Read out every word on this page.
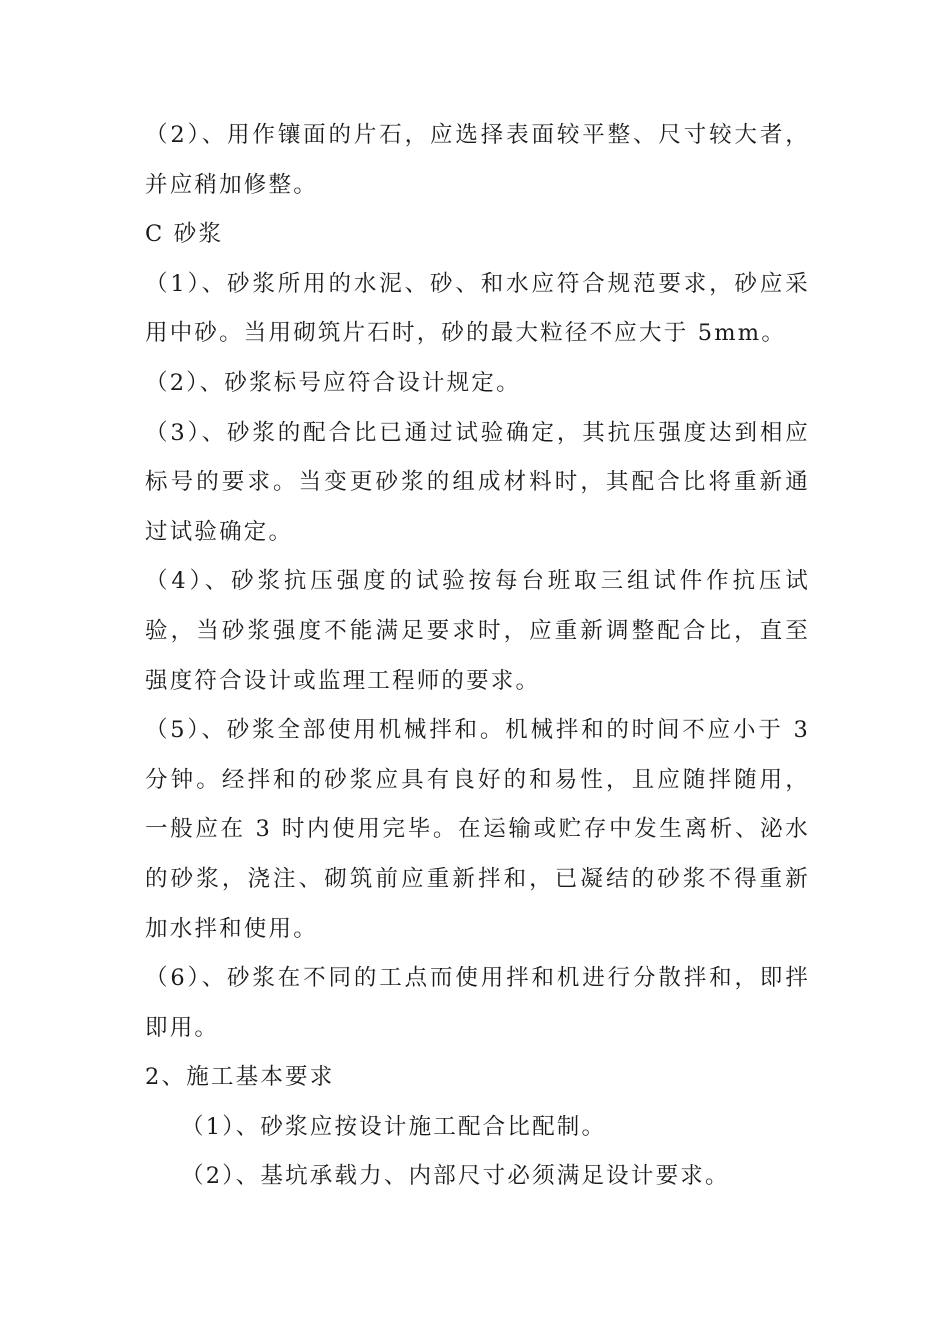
（2）、用作镶面的片石，应选择表面较平整、尺寸较大者，并应稍加修整。

C 砂浆

（1）、砂浆所用的水泥、砂、和水应符合规范要求，砂应采用中砂。当用砌筑片石时，砂的最大粒径不应大于 5mm。

（2）、砂浆标号应符合设计规定。

（3）、砂浆的配合比已通过试验确定，其抗压强度达到相应标号的要求。当变更砂浆的组成材料时，其配合比将重新通过试验确定。

（4）、砂浆抗压强度的试验按每台班取三组试件作抗压试验，当砂浆强度不能满足要求时，应重新调整配合比，直至强度符合设计或监理工程师的要求。

（5）、砂浆全部使用机械拌和。机械拌和的时间不应小于 3分钟。经拌和的砂浆应具有良好的和易性，且应随拌随用，一般应在 3 时内使用完毕。在运输或贮存中发生离析、泌水的砂浆，浇注、砌筑前应重新拌和，已凝结的砂浆不得重新加水拌和使用。

（6）、砂浆在不同的工点而使用拌和机进行分散拌和，即拌即用。

2、施工基本要求

（1）、砂浆应按设计施工配合比配制。

（2）、基坑承载力、内部尺寸必须满足设计要求。
